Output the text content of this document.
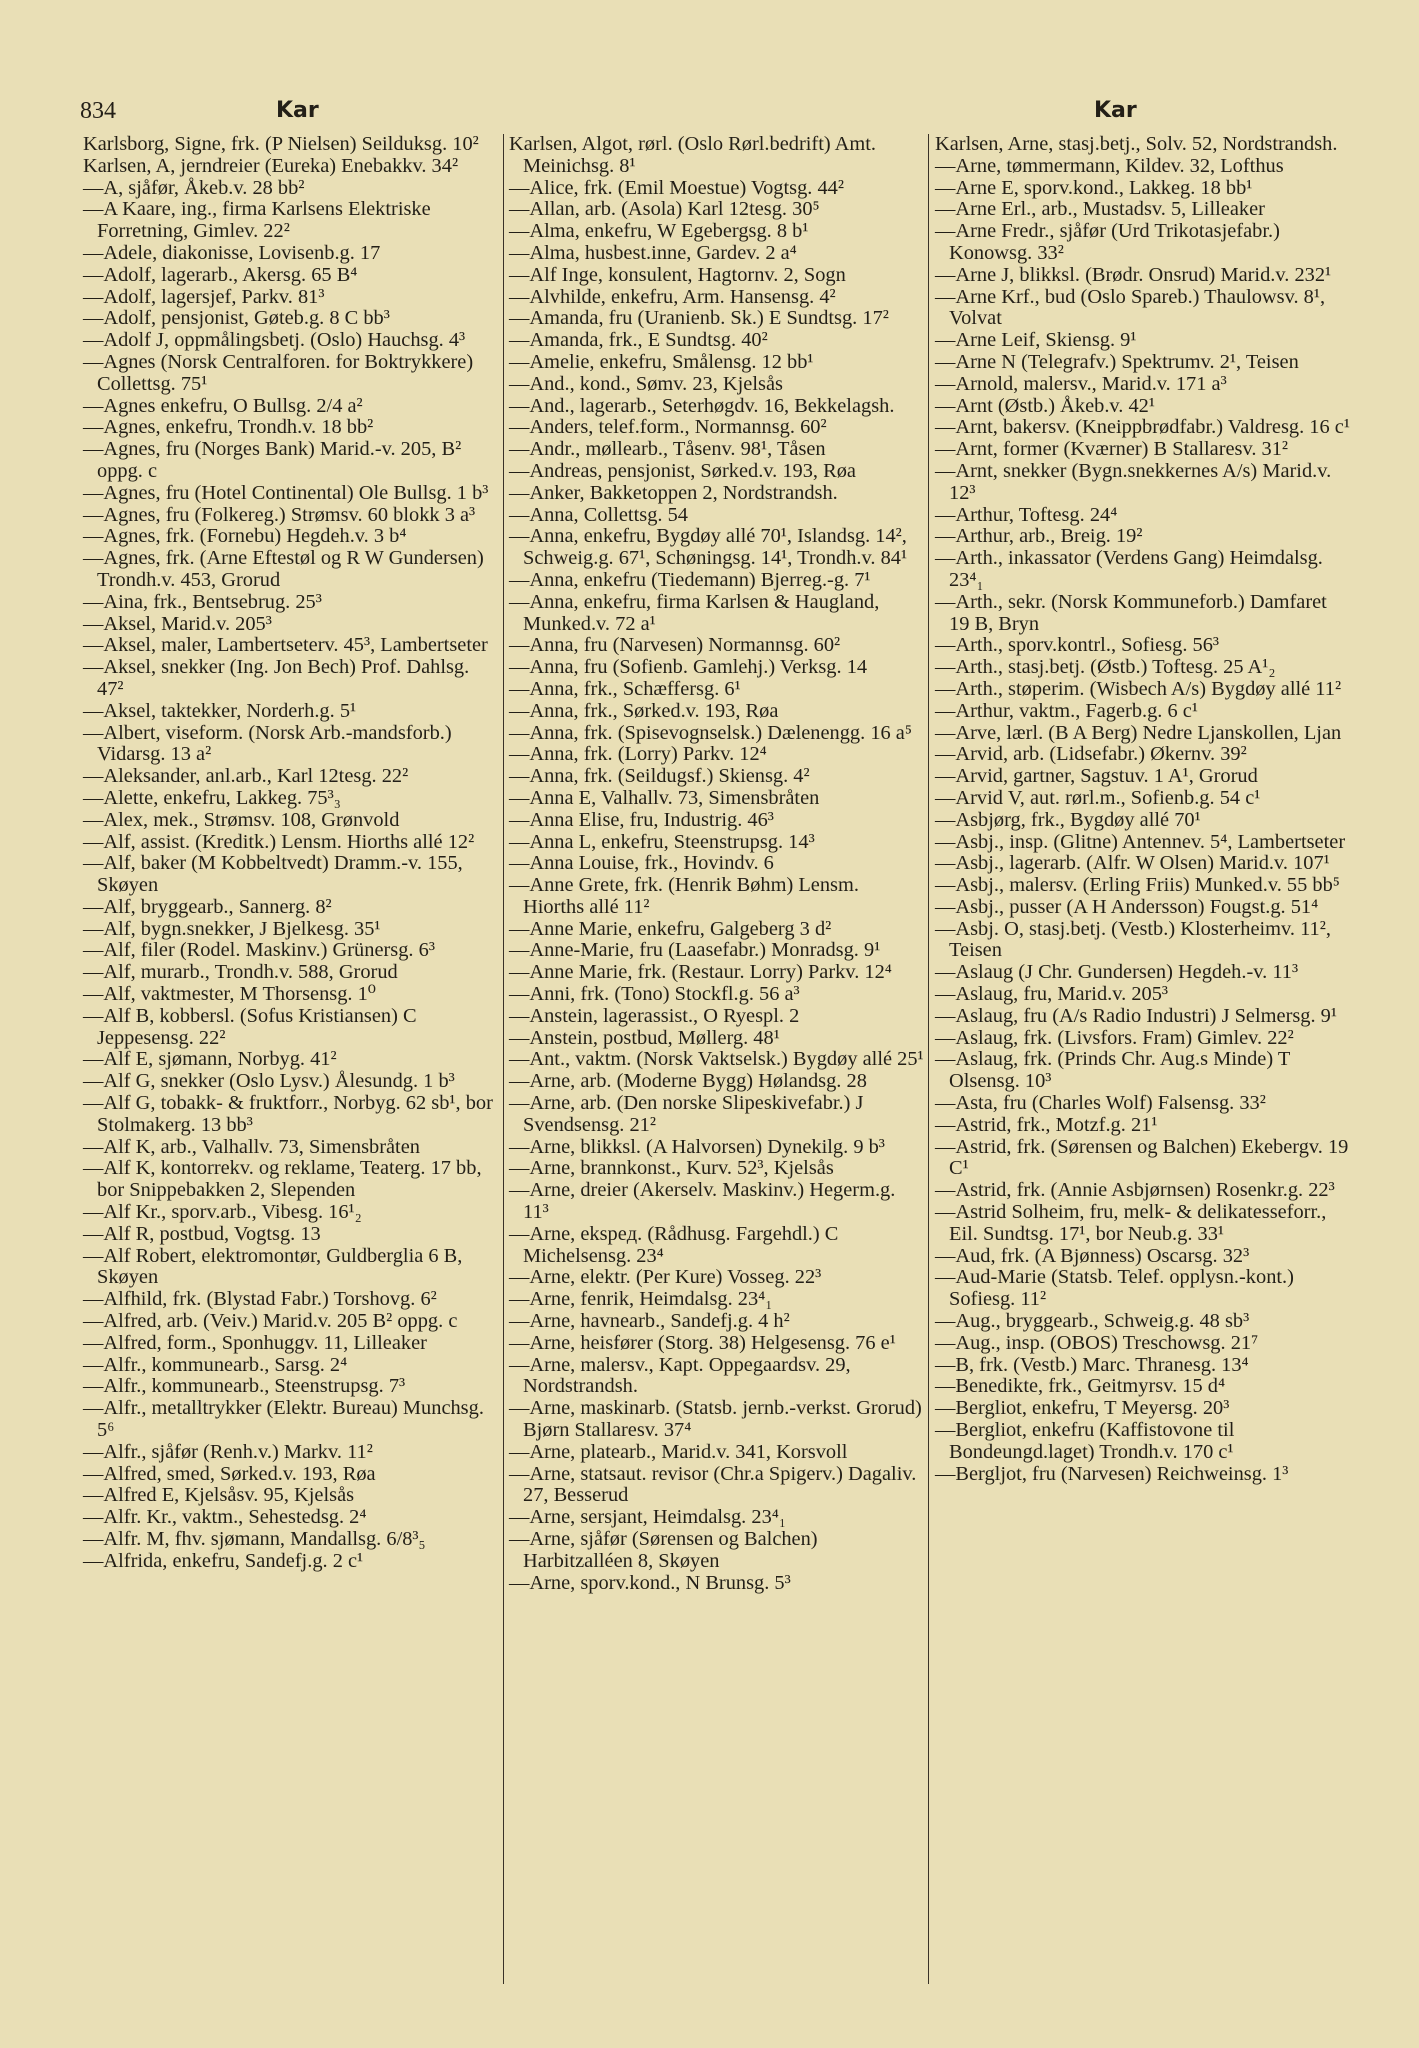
834	Kar	Kar

Karlsborg, Signe, frk. (P Nielsen) Seilduksg. 10²

Karlsen, A, jerndreier (Eureka) Enebakkv. 34²

—A, sjåfør, Åkeb.v. 28 bb²

—A Kaare, ing., firma Karlsens Elektriske Forretning, Gimlev. 22²

—Adele, diakonisse, Lovisenb.g. 17

—Adolf, lagerarb., Akersg. 65 B⁴

—Adolf, lagersjef, Parkv. 81³

—Adolf, pensjonist, Gøteb.g. 8 C bb³

—Adolf J, oppmålingsbetj. (Oslo) Hauchsg. 4³

—Agnes (Norsk Centralforen. for Boktrykkere) Collettsg. 75¹

—Agnes enkefru, O Bullsg. 2/4 a²

—Agnes, enkefru, Trondh.v. 18 bb²

—Agnes, fru (Norges Bank) Marid.-v. 205, B² oppg. c

—Agnes, fru (Hotel Continental) Ole Bullsg. 1 b³

—Agnes, fru (Folkereg.) Strømsv. 60 blokk 3 a³

—Agnes, frk. (Fornebu) Hegdeh.v. 3 b⁴

—Agnes, frk. (Arne Eftestøl og R W Gundersen) Trondh.v. 453, Grorud

—Aina, frk., Bentsebrug. 25³

—Aksel, Marid.v. 205³

—Aksel, maler, Lambertseterv. 45³, Lambertseter

—Aksel, snekker (Ing. Jon Bech) Prof. Dahlsg. 47²

—Aksel, taktekker, Norderh.g. 5¹

—Albert, viseform. (Norsk Arb.-mandsforb.) Vidarsg. 13 a²

—Aleksander, anl.arb., Karl 12tesg. 22²

—Alette, enkefru, Lakkeg. 75³₃

—Alex, mek., Strømsv. 108, Grønvold

—Alf, assist. (Kreditk.) Lensm. Hiorths allé 12²

—Alf, baker (M Kobbeltvedt) Dramm.-v. 155, Skøyen

—Alf, bryggearb., Sannerg. 8²

—Alf, bygn.snekker, J Bjelkesg. 35¹

—Alf, filer (Rodel. Maskinv.) Grünersg. 6³

—Alf, murarb., Trondh.v. 588, Grorud

—Alf, vaktmester, M Thorsensg. 1⁰

—Alf B, kobbersl. (Sofus Kristiansen) C Jeppesensg. 22²

—Alf E, sjømann, Norbyg. 41²

—Alf G, snekker (Oslo Lysv.) Ålesundg. 1 b³

—Alf G, tobakk- & fruktforr., Norbyg. 62 sb¹, bor Stolmakerg. 13 bb³

—Alf K, arb., Valhallv. 73, Simensbråten

—Alf K, kontorrekv. og reklame, Teaterg. 17 bb, bor Snippebakken 2, Slependen

—Alf Kr., sporv.arb., Vibesg. 16¹₂

—Alf R, postbud, Vogtsg. 13

—Alf Robert, elektromontør, Guldberglia 6 B, Skøyen

—Alfhild, frk. (Blystad Fabr.) Torshovg. 6²

—Alfred, arb. (Veiv.) Marid.v. 205 B² oppg. c

—Alfred, form., Sponhuggv. 11, Lilleaker

—Alfr., kommunearb., Sarsg. 2⁴

—Alfr., kommunearb., Steenstrupsg. 7³

—Alfr., metalltrykker (Elektr. Bureau) Munchsg. 5⁶

—Alfr., sjåfør (Renh.v.) Markv. 11²

—Alfred, smed, Sørked.v. 193, Røa

—Alfred E, Kjelsåsv. 95, Kjelsås

—Alfr. Kr., vaktm., Sehestedsg. 2⁴

—Alfr. M, fhv. sjømann, Mandallsg. 6/8³₅

—Alfrida, enkefru, Sandefj.g. 2 c¹

Karlsen, Algot, rørl. (Oslo Rørl.bedrift) Amt. Meinichsg. 8¹

—Alice, frk. (Emil Moestue) Vogtsg. 44²

—Allan, arb. (Asola) Karl 12tesg. 30⁵

—Alma, enkefru, W Egebergsg. 8 b¹

—Alma, husbest.inne, Gardev. 2 a⁴

—Alf Inge, konsulent, Hagtornv. 2, Sogn

—Alvhilde, enkefru, Arm. Hansensg. 4²

—Amanda, fru (Uranienb. Sk.) E Sundtsg. 17²

—Amanda, frk., E Sundtsg. 40²

—Amelie, enkefru, Smålensg. 12 bb¹

—And., kond., Sømv. 23, Kjelsås

—And., lagerarb., Seterhøgdv. 16, Bekkelagsh.

—Anders, telef.form., Normannsg. 60²

—Andr., møllearb., Tåsenv. 98¹, Tåsen

—Andreas, pensjonist, Sørked.v. 193, Røa

—Anker, Bakketoppen 2, Nordstrandsh.

—Anna, Collettsg. 54

—Anna, enkefru, Bygdøy allé 70¹, Islandsg. 14², Schweig.g. 67¹, Schøningsg. 14¹, Trondh.v. 84¹

—Anna, enkefru (Tiedemann) Bjerreg.-g. 7¹

—Anna, enkefru, firma Karlsen & Haugland, Munked.v. 72 a¹

—Anna, fru (Narvesen) Normannsg. 60²

—Anna, fru (Sofienb. Gamlehj.) Verksg. 14

—Anna, frk., Schæffersg. 6¹

—Anna, frk., Sørked.v. 193, Røa

—Anna, frk. (Spisevognselsk.) Dælenengg. 16 a⁵

—Anna, frk. (Lorry) Parkv. 12⁴

—Anna, frk. (Seildugsf.) Skiensg. 4²

—Anna E, Valhallv. 73, Simensbråten

—Anna Elise, fru, Industrig. 46³

—Anna L, enkefru, Steenstrupsg. 14³

—Anna Louise, frk., Hovindv. 6

—Anne Grete, frk. (Henrik Bøhm) Lensm. Hiorths allé 11²

—Anne Marie, enkefru, Galgeberg 3 d²

—Anne-Marie, fru (Laasefabr.) Monradsg. 9¹

—Anne Marie, frk. (Restaur. Lorry) Parkv. 12⁴

—Anni, frk. (Tono) Stockfl.g. 56 a³

—Anstein, lagerassist., O Ryespl. 2

—Anstein, postbud, Møllerg. 48¹

—Ant., vaktm. (Norsk Vaktselsk.) Bygdøy allé 25¹

—Arne, arb. (Moderne Bygg) Hølandsg. 28

—Arne, arb. (Den norske Slipeskivefabr.) J Svendsensg. 21²

—Arne, blikksl. (A Halvorsen) Dynekilg. 9 b³

—Arne, brannkonst., Kurv. 52³, Kjelsås

—Arne, dreier (Akerselv. Maskinv.) Hegerm.g. 11³

—Arne, ekspeд. (Rådhusg. Fargehdl.) C Michelsensg. 23⁴

—Arne, elektr. (Per Kure) Vossеg. 22³

—Arne, fenrik, Heimdalsg. 23⁴₁

—Arne, havnearb., Sandefj.g. 4 h²

—Arne, heisfører (Storg. 38) Helgesensg. 76 e¹

—Arne, malersv., Kapt. Oppegaardsv. 29, Nordstrandsh.

—Arne, maskinarb. (Statsb. jernb.-verkst. Grorud) Bjørn Stallaresv. 37⁴

—Arne, platearb., Marid.v. 341, Korsvoll

—Arne, statsaut. revisor (Chr.a Spigerv.) Dagaliv. 27, Besserud

—Arne, sersjant, Heimdalsg. 23⁴₁

—Arne, sjåfør (Sørensen og Balchen) Harbitzalléen 8, Skøyen

—Arne, sporv.kond., N Brunsg. 5³

Karlsen, Arne, stasj.betj., Solv. 52, Nordstrandsh.

—Arne, tømmermann, Kildev. 32, Lofthus

—Arne E, sporv.kond., Lakkeg. 18 bb¹

—Arne Erl., arb., Mustadsv. 5, Lilleaker

—Arne Fredr., sjåfør (Urd Trikotasjefabr.) Konowsg. 33²

—Arne J, blikksl. (Brødr. Onsrud) Marid.v. 232¹

—Arne Krf., bud (Oslo Spareb.) Thaulowsv. 8¹, Volvat

—Arne Leif, Skiensg. 9¹

—Arne N (Telegrafv.) Spektrumv. 2¹, Teisen

—Arnold, malersv., Marid.v. 171 a³

—Arnt (Østb.) Åkeb.v. 42¹

—Arnt, bakersv. (Kneippbrødfabr.) Valdresg. 16 c¹

—Arnt, former (Kværner) B Stallaresv. 31²

—Arnt, snekker (Bygn.snekkernes A/s) Marid.v. 12³

—Arthur, Toftesg. 24⁴

—Arthur, arb., Breig. 19²

—Arth., inkassator (Verdens Gang) Heimdalsg. 23⁴₁

—Arth., sekr. (Norsk Kommuneforb.) Damfaret 19 B, Bryn

—Arth., sporv.kontrl., Sofiesg. 56³

—Arth., stasj.betj. (Østb.) Toftesg. 25 A¹₂

—Arth., støperim. (Wisbech A/s) Bygdøy allé 11²

—Arthur, vaktm., Fagerb.g. 6 c¹

—Arve, lærl. (B A Berg) Nedre Ljanskollen, Ljan

—Arvid, arb. (Lidsefabr.) Økernv. 39²

—Arvid, gartner, Sagstuv. 1 A¹, Grorud

—Arvid V, aut. rørl.m., Sofienb.g. 54 c¹

—Asbjørg, frk., Bygdøy allé 70¹

—Asbj., insp. (Glitne) Antennev. 5⁴, Lambertseter

—Asbj., lagerarb. (Alfr. W Olsen) Marid.v. 107¹

—Asbj., malersv. (Erling Friis) Munked.v. 55 bb⁵

—Asbj., pusser (A H Andersson) Fougst.g. 51⁴

—Asbj. O, stasj.betj. (Vestb.) Klosterheimv. 11², Teisen

—Aslaug (J Chr. Gundersen) Hegdeh.-v. 11³

—Aslaug, fru, Marid.v. 205³

—Aslaug, fru (A/s Radio Industri) J Selmersg. 9¹

—Aslaug, frk. (Livsfors. Fram) Gimlev. 22²

—Aslaug, frk. (Prinds Chr. Aug.s Minde) T Olsensg. 10³

—Asta, fru (Charles Wolf) Falsensg. 33²

—Astrid, frk., Motzf.g. 21¹

—Astrid, frk. (Sørensen og Balchen) Ekebergv. 19 C¹

—Astrid, frk. (Annie Asbjørnsen) Rosenkr.g. 22³

—Astrid Solheim, fru, melk- & delikatesseforr., Eil. Sundtsg. 17¹, bor Neub.g. 33¹

—Aud, frk. (A Bjønness) Oscarsg. 32³

—Aud-Marie (Statsb. Telef. opplysn.-kont.) Sofiesg. 11²

—Aug., bryggearb., Schweig.g. 48 sb³

—Aug., insp. (OBOS) Treschowsg. 21⁷

—B, frk. (Vestb.) Marc. Thranesg. 13⁴

—Benedikte, frk., Geitmyrsv. 15 d⁴

—Bergliot, enkefru, T Meyersg. 20³

—Bergliot, enkefru (Kaffistovone til Bondeungd.laget) Trondh.v. 170 c¹

—Bergljot, fru (Narvesen) Reichweinsg. 1³
